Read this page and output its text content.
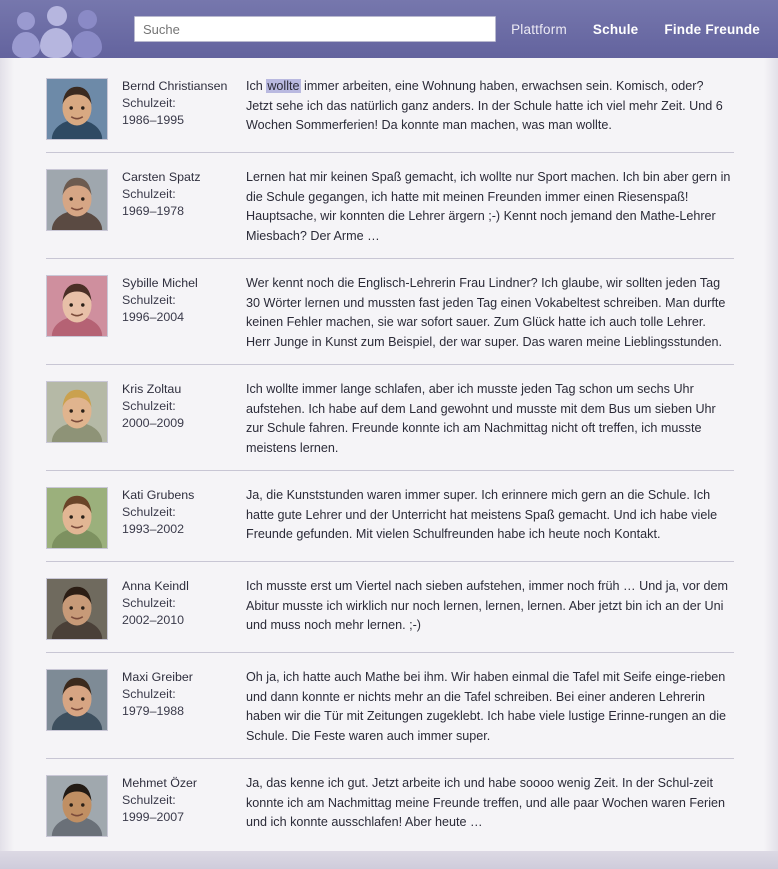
Suche
Plattform Schule Finde Freunde
Bernd Christiansen
Schulzeit:
1986–1995
Ich wollte immer arbeiten, eine Wohnung haben, erwachsen sein. Komisch, oder? Jetzt sehe ich das natürlich ganz anders. In der Schule hatte ich viel mehr Zeit. Und 6 Wochen Sommerferien! Da konnte man machen, was man wollte.
Carsten Spatz
Schulzeit:
1969–1978
Lernen hat mir keinen Spaß gemacht, ich wollte nur Sport machen. Ich bin aber gern in die Schule gegangen, ich hatte mit meinen Freunden immer einen Riesenspaß! Hauptsache, wir konnten die Lehrer ärgern ;-) Kennt noch jemand den Mathe-Lehrer Miesbach? Der Arme …
Sybille Michel
Schulzeit:
1996–2004
Wer kennt noch die Englisch-Lehrerin Frau Lindner? Ich glaube, wir sollten jeden Tag 30 Wörter lernen und mussten fast jeden Tag einen Vokabeltest schreiben. Man durfte keinen Fehler machen, sie war sofort sauer. Zum Glück hatte ich auch tolle Lehrer. Herr Junge in Kunst zum Beispiel, der war super. Das waren meine Lieblingsstunden.
Kris Zoltau
Schulzeit:
2000–2009
Ich wollte immer lange schlafen, aber ich musste jeden Tag schon um sechs Uhr aufstehen. Ich habe auf dem Land gewohnt und musste mit dem Bus um sieben Uhr zur Schule fahren. Freunde konnte ich am Nachmittag nicht oft treffen, ich musste meistens lernen.
Kati Grubens
Schulzeit:
1993–2002
Ja, die Kunststunden waren immer super. Ich erinnere mich gern an die Schule. Ich hatte gute Lehrer und der Unterricht hat meistens Spaß gemacht. Und ich habe viele Freunde gefunden. Mit vielen Schulfreunden habe ich heute noch Kontakt.
Anna Keindl
Schulzeit:
2002–2010
Ich musste erst um Viertel nach sieben aufstehen, immer noch früh … Und ja, vor dem Abitur musste ich wirklich nur noch lernen, lernen, lernen. Aber jetzt bin ich an der Uni und muss noch mehr lernen. ;-)
Maxi Greiber
Schulzeit:
1979–1988
Oh ja, ich hatte auch Mathe bei ihm. Wir haben einmal die Tafel mit Seife einge-rieben und dann konnte er nichts mehr an die Tafel schreiben. Bei einer anderen Lehrerin haben wir die Tür mit Zeitungen zugeklebt. Ich habe viele lustige Erinne-rungen an die Schule. Die Feste waren auch immer super.
Mehmet Özer
Schulzeit:
1999–2007
Ja, das kenne ich gut. Jetzt arbeite ich und habe soooo wenig Zeit. In der Schul-zeit konnte ich am Nachmittag meine Freunde treffen, und alle paar Wochen waren Ferien und ich konnte ausschlafen! Aber heute …
